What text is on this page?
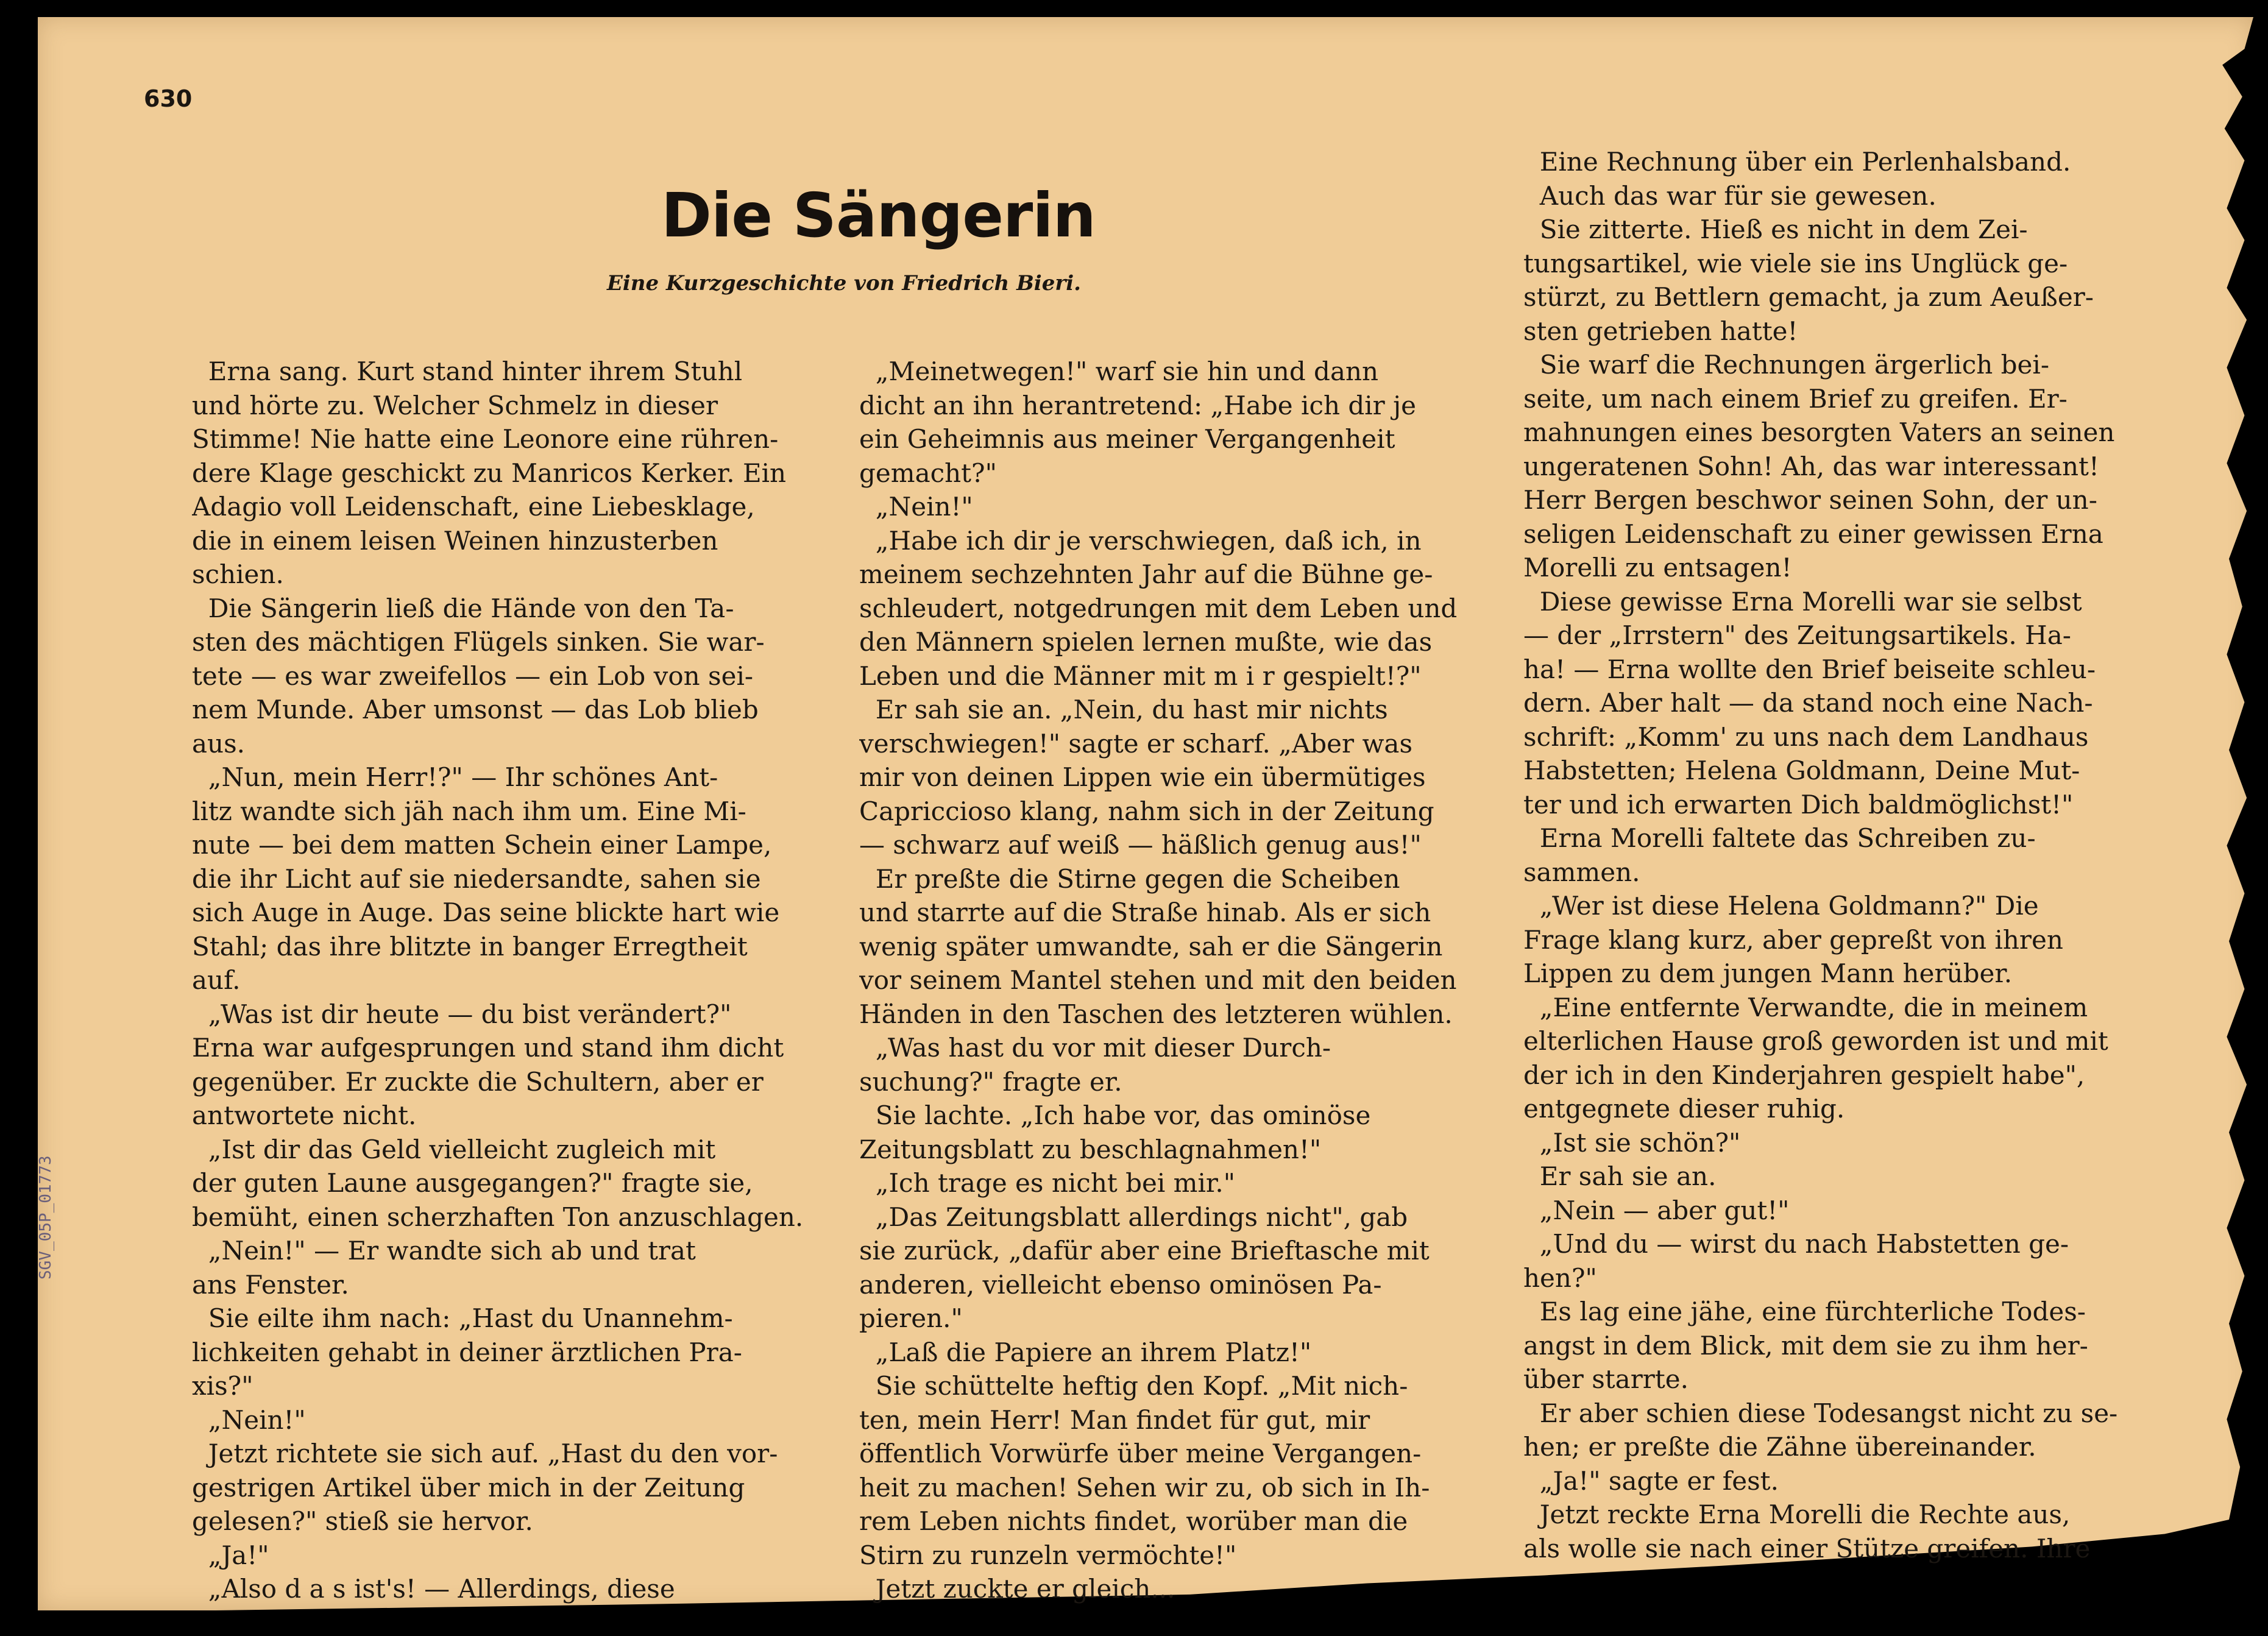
630
Die Sängerin
Eine Kurzgeschichte von Friedrich Bieri.

Erna sang. Kurt stand hinter ihrem Stuhl

und hörte zu. Welcher Schmelz in dieser

Stimme! Nie hatte eine Leonore eine rühren-

dere Klage geschickt zu Manricos Kerker. Ein

Adagio voll Leidenschaft, eine Liebesklage,

die in einem leisen Weinen hinzusterben

schien.

Die Sängerin ließ die Hände von den Ta-

sten des mächtigen Flügels sinken. Sie war-

tete — es war zweifellos — ein Lob von sei-

nem Munde. Aber umsonst — das Lob blieb

aus.

„Nun, mein Herr!?" — Ihr schönes Ant-

litz wandte sich jäh nach ihm um. Eine Mi-

nute — bei dem matten Schein einer Lampe,

die ihr Licht auf sie niedersandte, sahen sie

sich Auge in Auge. Das seine blickte hart wie

Stahl; das ihre blitzte in banger Erregtheit

auf.

„Was ist dir heute — du bist verändert?"

Erna war aufgesprungen und stand ihm dicht

gegenüber. Er zuckte die Schultern, aber er

antwortete nicht.

„Ist dir das Geld vielleicht zugleich mit

der guten Laune ausgegangen?" fragte sie,

bemüht, einen scherzhaften Ton anzuschlagen.

„Nein!" — Er wandte sich ab und trat

ans Fenster.

Sie eilte ihm nach: „Hast du Unannehm-

lichkeiten gehabt in deiner ärztlichen Pra-

xis?"

„Nein!"

Jetzt richtete sie sich auf. „Hast du den vor-

gestrigen Artikel über mich in der Zeitung

gelesen?" stieß sie hervor.

„Ja!"

„Also d a s ist's! — Allerdings, diese

„Meinetwegen!" warf sie hin und dann

dicht an ihn herantretend: „Habe ich dir je

ein Geheimnis aus meiner Vergangenheit

gemacht?"

„Nein!"

„Habe ich dir je verschwiegen, daß ich, in

meinem sechzehnten Jahr auf die Bühne ge-

schleudert, notgedrungen mit dem Leben und

den Männern spielen lernen mußte, wie das

Leben und die Männer mit m i r gespielt!?"

Er sah sie an. „Nein, du hast mir nichts

verschwiegen!" sagte er scharf. „Aber was

mir von deinen Lippen wie ein übermütiges

Capriccioso klang, nahm sich in der Zeitung

— schwarz auf weiß — häßlich genug aus!"

Er preßte die Stirne gegen die Scheiben

und starrte auf die Straße hinab. Als er sich

wenig später umwandte, sah er die Sängerin

vor seinem Mantel stehen und mit den beiden

Händen in den Taschen des letzteren wühlen.

„Was hast du vor mit dieser Durch-

suchung?" fragte er.

Sie lachte. „Ich habe vor, das ominöse

Zeitungsblatt zu beschlagnahmen!"

„Ich trage es nicht bei mir."

„Das Zeitungsblatt allerdings nicht", gab

sie zurück, „dafür aber eine Brieftasche mit

anderen, vielleicht ebenso ominösen Pa-

pieren."

„Laß die Papiere an ihrem Platz!"

Sie schüttelte heftig den Kopf. „Mit nich-

ten, mein Herr! Man findet für gut, mir

öffentlich Vorwürfe über meine Vergangen-

heit zu machen! Sehen wir zu, ob sich in Ih-

rem Leben nichts findet, worüber man die

Stirn zu runzeln vermöchte!"

Jetzt zuckte er gleich...

Eine Rechnung über ein Perlenhalsband.

Auch das war für sie gewesen.

Sie zitterte. Hieß es nicht in dem Zei-

tungsartikel, wie viele sie ins Unglück ge-

stürzt, zu Bettlern gemacht, ja zum Aeußer-

sten getrieben hatte!

Sie warf die Rechnungen ärgerlich bei-

seite, um nach einem Brief zu greifen. Er-

mahnungen eines besorgten Vaters an seinen

ungeratenen Sohn! Ah, das war interessant!

Herr Bergen beschwor seinen Sohn, der un-

seligen Leidenschaft zu einer gewissen Erna

Morelli zu entsagen!

Diese gewisse Erna Morelli war sie selbst

— der „Irrstern" des Zeitungsartikels. Ha-

ha! — Erna wollte den Brief beiseite schleu-

dern. Aber halt — da stand noch eine Nach-

schrift: „Komm' zu uns nach dem Landhaus

Habstetten; Helena Goldmann, Deine Mut-

ter und ich erwarten Dich baldmöglichst!"

Erna Morelli faltete das Schreiben zu-

sammen.

„Wer ist diese Helena Goldmann?" Die

Frage klang kurz, aber gepreßt von ihren

Lippen zu dem jungen Mann herüber.

„Eine entfernte Verwandte, die in meinem

elterlichen Hause groß geworden ist und mit

der ich in den Kinderjahren gespielt habe",

entgegnete dieser ruhig.

„Ist sie schön?"

Er sah sie an.

„Nein — aber gut!"

„Und du — wirst du nach Habstetten ge-

hen?"

Es lag eine jähe, eine fürchterliche Todes-

angst in dem Blick, mit dem sie zu ihm her-

über starrte.

Er aber schien diese Todesangst nicht zu se-

hen; er preßte die Zähne übereinander.

„Ja!" sagte er fest.

Jetzt reckte Erna Morelli die Rechte aus,

als wolle sie nach einer Stütze greifen. Ihre

SGV_05P_01773
